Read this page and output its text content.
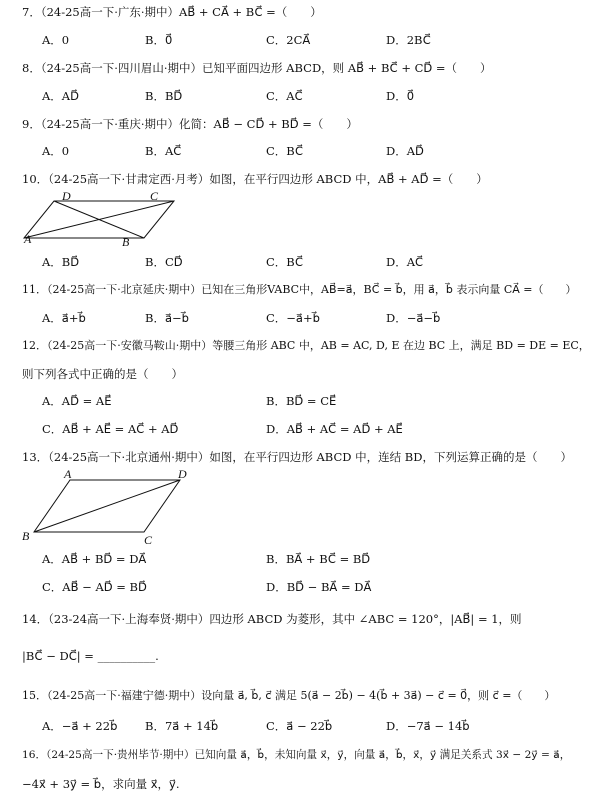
7．（24-25高一下·广东·期中）AB⃗ + CA⃗ + BC⃗ =（　　）
A．0	B．0⃗	C．2CA⃗	D．2BC⃗
8．（24-25高一下·四川眉山·期中）已知平面四边形 ABCD，则 AB⃗ + BC⃗ + CD⃗ =（　　）
A．AD⃗	B．BD⃗	C．AC⃗	D．0⃗
9．（24-25高一下·重庆·期中）化简：AB⃗ − CD⃗ + BD⃗ =（　　）
A．0	B．AC⃗	C．BC⃗	D．AD⃗
10．（24-25高一下·甘肃定西·月考）如图，在平行四边形 ABCD 中，AB⃗ + AD⃗ =（　　）
D	C
A	B
A．BD⃗	B．CD⃗	C．BC⃗	D．AC⃗
11．（24-25高一下·北京延庆·期中）已知在三角形VABC中，AB⃗=a⃗，BC⃗ = b⃗，用 a⃗，b⃗ 表示向量 CA⃗ =（　　）
A．a⃗+b⃗	B．a⃗−b⃗	C．−a⃗+b⃗	D．−a⃗−b⃗
12．（24-25高一下·安徽马鞍山·期中）等腰三角形 ABC 中，AB = AC, D, E 在边 BC 上，满足 BD = DE = EC，
则下列各式中正确的是（　　）
A．AD⃗ = AE⃗	B．BD⃗ = CE⃗
C．AB⃗ + AE⃗ = AC⃗ + AD⃗	D．AB⃗ + AC⃗ = AD⃗ + AE⃗
13．（24-25高一下·北京通州·期中）如图，在平行四边形 ABCD 中，连结 BD，下列运算正确的是（　　）
A	D
B	C
A．AB⃗ + BD⃗ = DA⃗	B．BA⃗ + BC⃗ = BD⃗
C．AB⃗ − AD⃗ = BD⃗	D．BD⃗ − BA⃗ = DA⃗
14．（23-24高一下·上海奉贤·期中）四边形 ABCD 为菱形，其中 ∠ABC = 120°，|AB⃗| = 1，则
|BC⃗ − DC⃗| = __________.
15．（24-25高一下·福建宁德·期中）设向量 a⃗, b⃗, c⃗ 满足 5(a⃗ − 2b⃗) − 4(b⃗ + 3a⃗) − c⃗ = 0⃗，则 c⃗ =（　　）
A．−a⃗ + 22b⃗ B．7a⃗ + 14b⃗	C．a⃗ − 22b⃗	D．−7a⃗ − 14b⃗
16．（24-25高一下·贵州毕节·期中）已知向量 a⃗，b⃗，未知向量 x⃗，y⃗，向量 a⃗，b⃗，x⃗，y⃗ 满足关系式 3x⃗ − 2y⃗ = a⃗，
−4x⃗ + 3y⃗ = b⃗，求向量 x⃗，y⃗.
